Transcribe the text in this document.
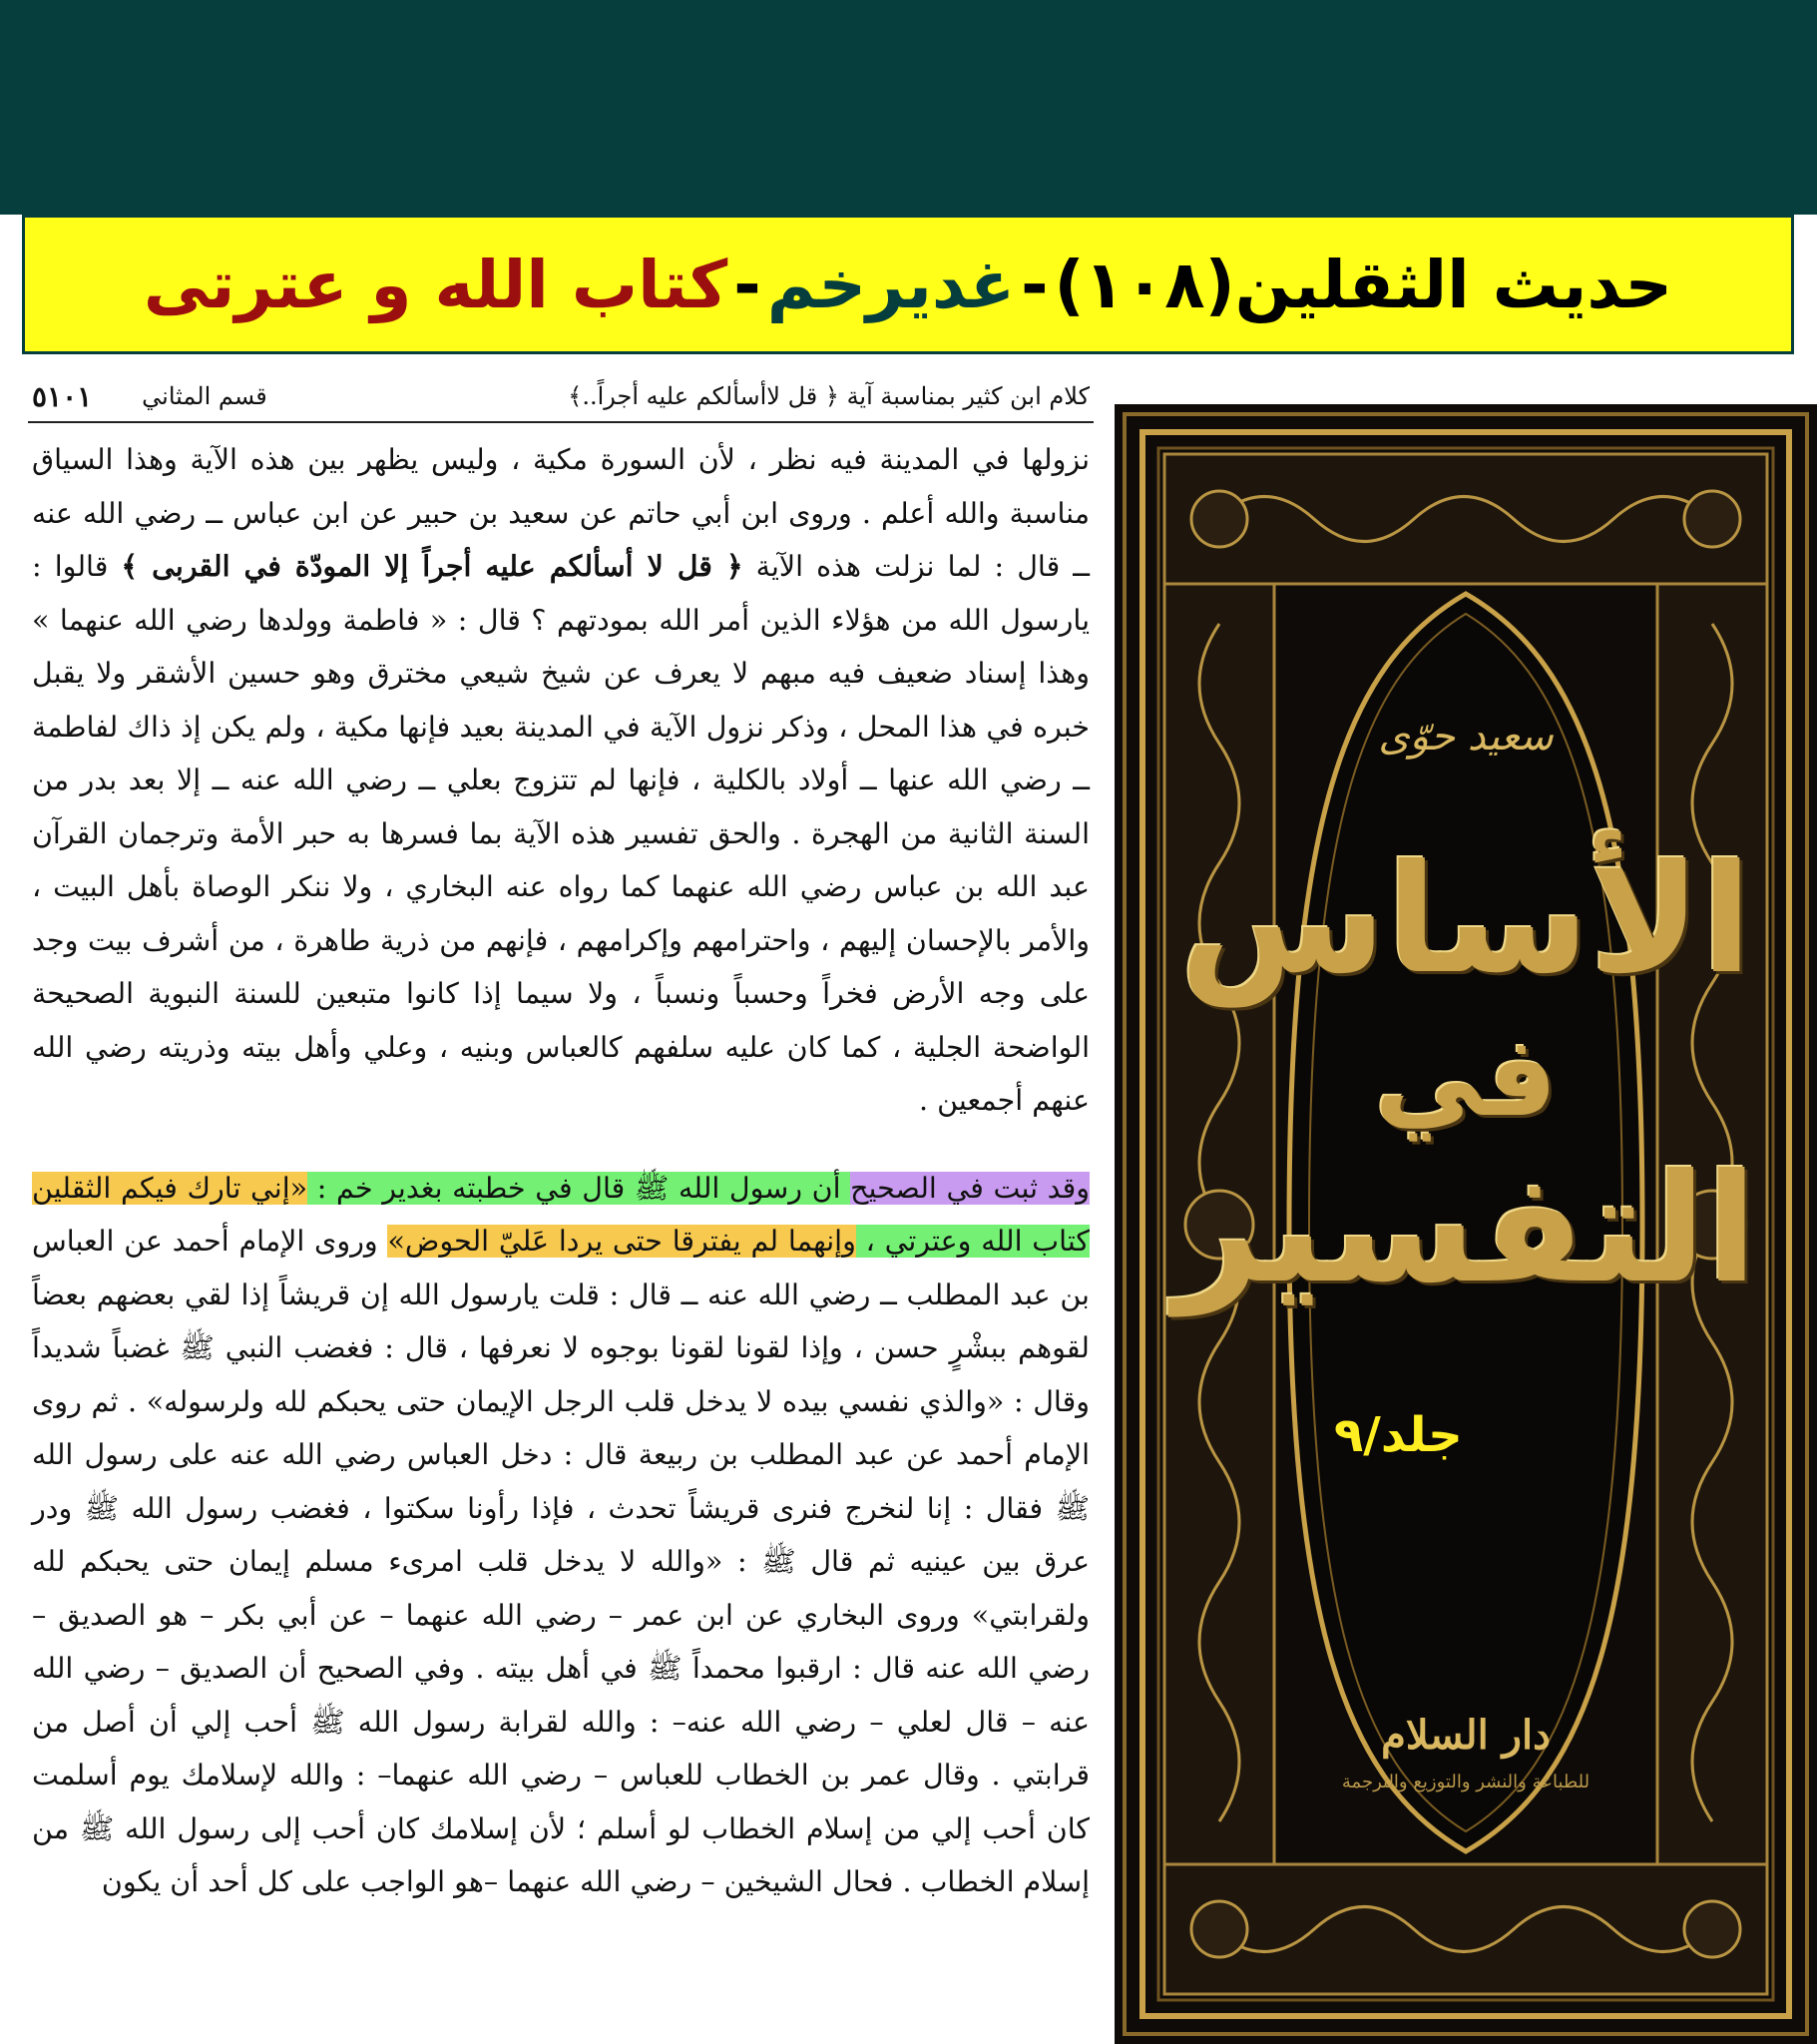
حديث الثقلين(١٠٨)
-
غديرخم
-
كتاب الله و عترتی
كلام ابن كثير بمناسبة آية ﴿ قل لاأسألكم عليه أجراً..﴾
قسم المثاني
٥١٠١

نزولها في المدينة فيه نظر ، لأن السورة مكية ، وليس يظهر بين هذه الآية وهذا السياق مناسبة والله أعلم . وروى ابن أبي حاتم عن سعيد بن حبير عن ابن عباس ــ رضي الله عنه ــ قال : لما نزلت هذه الآية ﴿ قل لا أسألكم عليه أجراً إلا المودّة في القربى ﴾ قالوا : يارسول الله من هؤلاء الذين أمر الله بمودتهم ؟ قال : « فاطمة وولدها رضي الله عنهما » وهذا إسناد ضعيف فيه مبهم لا يعرف عن شيخ شيعي مخترق وهو حسين الأشقر ولا يقبل خبره في هذا المحل ، وذكر نزول الآية في المدينة بعيد فإنها مكية ، ولم يكن إذ ذاك لفاطمة ــ رضي الله عنها ــ أولاد بالكلية ، فإنها لم تتزوج بعلي ــ رضي الله عنه ــ إلا بعد بدر من السنة الثانية من الهجرة . والحق تفسير هذه الآية بما فسرها به حبر الأمة وترجمان القرآن عبد الله بن عباس رضي الله عنهما كما رواه عنه البخاري ، ولا ننكر الوصاة بأهل البيت ، والأمر بالإحسان إليهم ، واحترامهم وإكرامهم ، فإنهم من ذرية طاهرة ، من أشرف بيت وجد على وجه الأرض فخراً وحسباً ونسباً ، ولا سيما إذا كانوا متبعين للسنة النبوية الصحيحة الواضحة الجلية ، كما كان عليه سلفهم كالعباس وبنيه ، وعلي وأهل بيته وذريته رضي الله عنهم أجمعين .

وقد ثبت في الصحيح أن رسول الله ﷺ قال في خطبته بغدير خم : «إني تارك فيكم الثقلين كتاب الله وعترتي ، وإنهما لم يفترقا حتى يردا عَليّ الحوض» وروى الإمام أحمد عن العباس بن عبد المطلب ــ رضي الله عنه ــ قال : قلت يارسول الله إن قريشاً إذا لقي بعضهم بعضاً لقوهم ببشْرٍ حسن ، وإذا لقونا لقونا بوجوه لا نعرفها ، قال : فغضب النبي ﷺ غضباً شديداً وقال : «والذي نفسي بيده لا يدخل قلب الرجل الإيمان حتى يحبكم لله ولرسوله» . ثم روى الإمام أحمد عن عبد المطلب بن ربيعة قال : دخل العباس رضي الله عنه على رسول الله ﷺ فقال : إنا لنخرج فنرى قريشاً تحدث ، فإذا رأونا سكتوا ، فغضب رسول الله ﷺ ودر عرق بين عينيه ثم قال ﷺ : «والله لا يدخل قلب امرىء مسلم إيمان حتى يحبكم لله ولقرابتي» وروى البخاري عن ابن عمر – رضي الله عنهما – عن أبي بكر – هو الصديق – رضي الله عنه قال : ارقبوا محمداً ﷺ في أهل بيته . وفي الصحيح أن الصديق – رضي الله عنه – قال لعلي – رضي الله عنه– : والله لقرابة رسول الله ﷺ أحب إلي أن أصل من قرابتي . وقال عمر بن الخطاب للعباس – رضي الله عنهما– : والله لإسلامك يوم أسلمت كان أحب إلي من إسلام الخطاب لو أسلم ؛ لأن إسلامك كان أحب إلى رسول الله ﷺ من إسلام الخطاب . فحال الشيخين – رضي الله عنهما –هو الواجب على كل أحد أن يكون

سعيد حوّى
الأساس
في
التفسير
جلد/٩
دار السلام
للطباعة والنشر والتوزيع والترجمة
